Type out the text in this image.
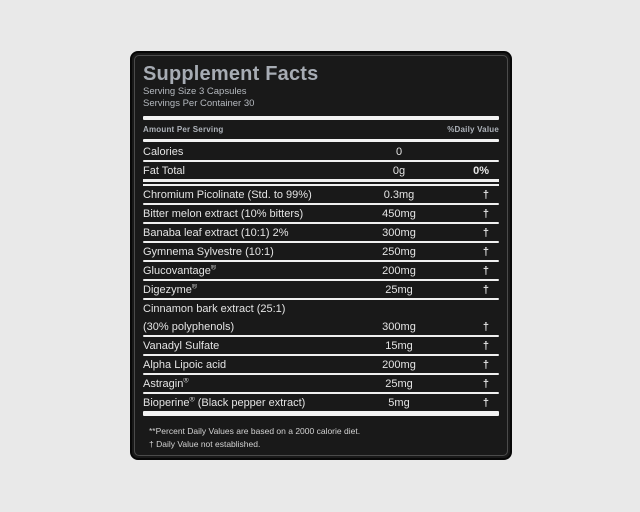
Supplement Facts
Serving Size 3 Capsules
Servings Per Container 30
Amount Per Serving	%Daily Value
Calories	0
Fat Total	0g	0%
Chromium Picolinate (Std. to 99%)	0.3mg	†
Bitter melon extract (10% bitters)	450mg	†
Banaba leaf extract (10:1) 2%	300mg	†
Gymnema Sylvestre (10:1)	250mg	†
Glucovantage®	200mg	†
Digezyme®	25mg	†
Cinnamon bark extract (25:1)
(30% polyphenols)	300mg	†
Vanadyl Sulfate	15mg	†
Alpha Lipoic acid	200mg	†
Astragin®	25mg	†
Bioperine® (Black pepper extract)	5mg	†
**Percent Daily Values are based on a 2000 calorie diet.
† Daily Value not established.
